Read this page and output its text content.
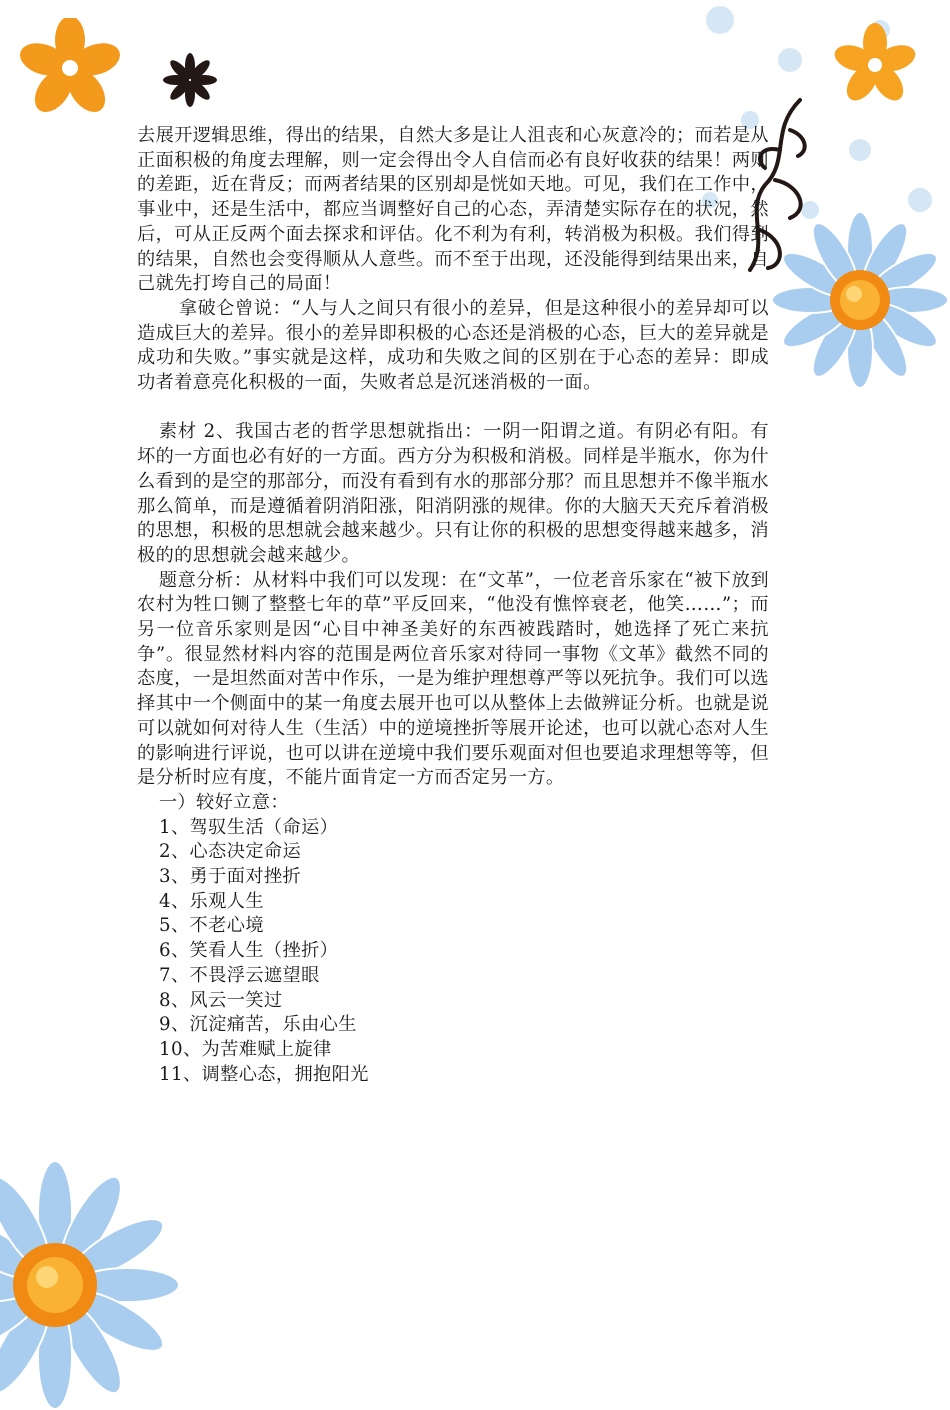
去展开逻辑思维，得出的结果，自然大多是让人沮丧和心灰意冷的；而若是从正面积极的角度去理解，则一定会得出令人自信而必有良好收获的结果！两则的差距，近在背反；而两者结果的区别却是恍如天地。可见，我们在工作中，事业中，还是生活中，都应当调整好自己的心态，弄清楚实际存在的状况，然后，可从正反两个面去探求和评估。化不利为有利，转消极为积极。我们得到的结果，自然也会变得顺从人意些。而不至于出现，还没能得到结果出来，自己就先打垮自己的局面！

拿破仑曾说：“人与人之间只有很小的差异，但是这种很小的差异却可以造成巨大的差异。很小的差异即积极的心态还是消极的心态，巨大的差异就是成功和失败。”事实就是这样，成功和失败之间的区别在于心态的差异：即成功者着意亮化积极的一面，失败者总是沉迷消极的一面。

素材 2、我国古老的哲学思想就指出：一阴一阳谓之道。有阴必有阳。有坏的一方面也必有好的一方面。西方分为积极和消极。同样是半瓶水，你为什么看到的是空的那部分，而没有看到有水的那部分那？而且思想并不像半瓶水那么简单，而是遵循着阴消阳涨，阳消阴涨的规律。你的大脑天天充斥着消极的思想，积极的思想就会越来越少。只有让你的积极的思想变得越来越多，消极的的思想就会越来越少。

题意分析：从材料中我们可以发现：在“文革”，一位老音乐家在“被下放到农村为牲口铡了整整七年的草”平反回来，“他没有憔悴衰老，他笑……”；而另一位音乐家则是因“心目中神圣美好的东西被践踏时，她选择了死亡来抗争”。很显然材料内容的范围是两位音乐家对待同一事物《文革》截然不同的态度，一是坦然面对苦中作乐，一是为维护理想尊严等以死抗争。我们可以选择其中一个侧面中的某一角度去展开也可以从整体上去做辨证分析。也就是说可以就如何对待人生（生活）中的逆境挫折等展开论述，也可以就心态对人生的影响进行评说，也可以讲在逆境中我们要乐观面对但也要追求理想等等，但是分析时应有度，不能片面肯定一方而否定另一方。

一）较好立意：

1、驾驭生活（命运）
2、心态决定命运
3、勇于面对挫折
4、乐观人生
5、不老心境
6、笑看人生（挫折）
7、不畏浮云遮望眼
8、风云一笑过
9、沉淀痛苦，乐由心生
10、为苦难赋上旋律
11、调整心态，拥抱阳光
